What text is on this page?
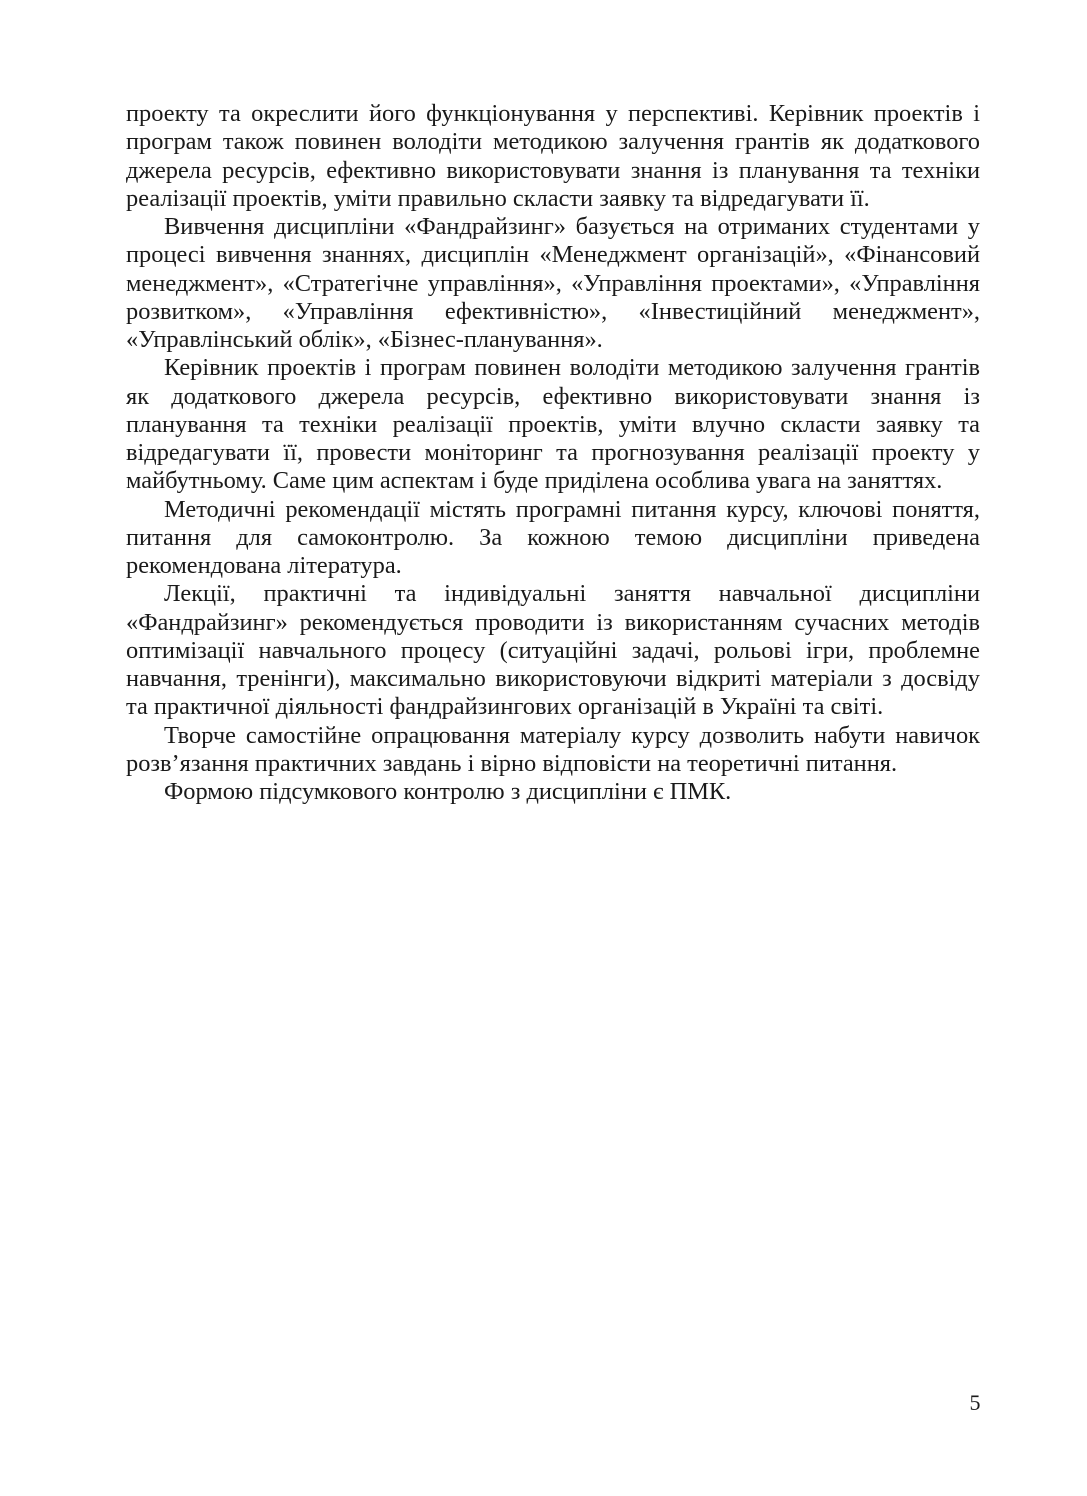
проекту та окреслити його функціонування у перспективі. Керівник проектів і програм також повинен володіти методикою залучення грантів як додаткового джерела ресурсів, ефективно використовувати знання із планування та техніки реалізації проектів, уміти правильно скласти заявку та відредагувати її.

Вивчення дисципліни «Фандрайзинг» базується на отриманих студентами у процесі вивчення знаннях, дисциплін «Менеджмент організацій», «Фінансовий менеджмент», «Стратегічне управління», «Управління проектами», «Управління розвитком», «Управління ефективністю», «Інвестиційний менеджмент», «Управлінський облік», «Бізнес-планування».

Керівник проектів і програм повинен володіти методикою залучення грантів як додаткового джерела ресурсів, ефективно використовувати знання із планування та техніки реалізації проектів, уміти влучно скласти заявку та відредагувати її, провести моніторинг та прогнозування реалізації проекту у майбутньому. Саме цим аспектам і буде приділена особлива увага на заняттях.

Методичні рекомендації містять програмні питання курсу, ключові поняття, питання для самоконтролю. За кожною темою дисципліни приведена рекомендована література.

Лекції, практичні та індивідуальні заняття навчальної дисципліни «Фандрайзинг» рекомендується проводити із використанням сучасних методів оптимізації навчального процесу (ситуаційні задачі, рольові ігри, проблемне навчання, тренінги), максимально використовуючи відкриті матеріали з досвіду та практичної діяльності фандрайзингових організацій в Україні та світі.

Творче самостійне опрацювання матеріалу курсу дозволить набути навичок розв’язання практичних завдань і вірно відповісти на теоретичні питання.

Формою підсумкового контролю з дисципліни є ПМК.

5
